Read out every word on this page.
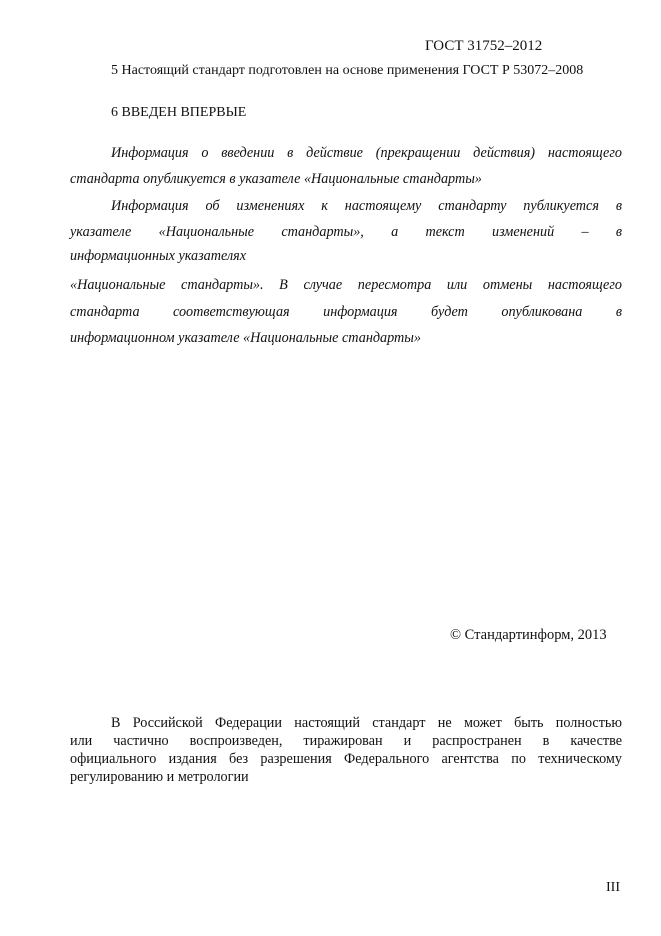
ГОСТ 31752–2012
5 Настоящий стандарт подготовлен на основе применения ГОСТ Р 53072–2008
6 ВВЕДЕН ВПЕРВЫЕ
Информация о введении в действие (прекращении действия) настоящего
стандарта опубликуется в указателе «Национальные стандарты»
Информация об изменениях к настоящему стандарту публикуется в
указателе «Национальные стандарты», а текст изменений – в
информационных указателях
«Национальные стандарты». В случае пересмотра или отмены настоящего
стандарта соответствующая информация будет опубликована в
информационном указателе «Национальные стандарты»
© Стандартинформ, 2013
В Российской Федерации настоящий стандарт не может быть полностью
или частично воспроизведен, тиражирован и распространен в качестве
официального издания без разрешения Федерального агентства по техническому
регулированию и метрологии
III
